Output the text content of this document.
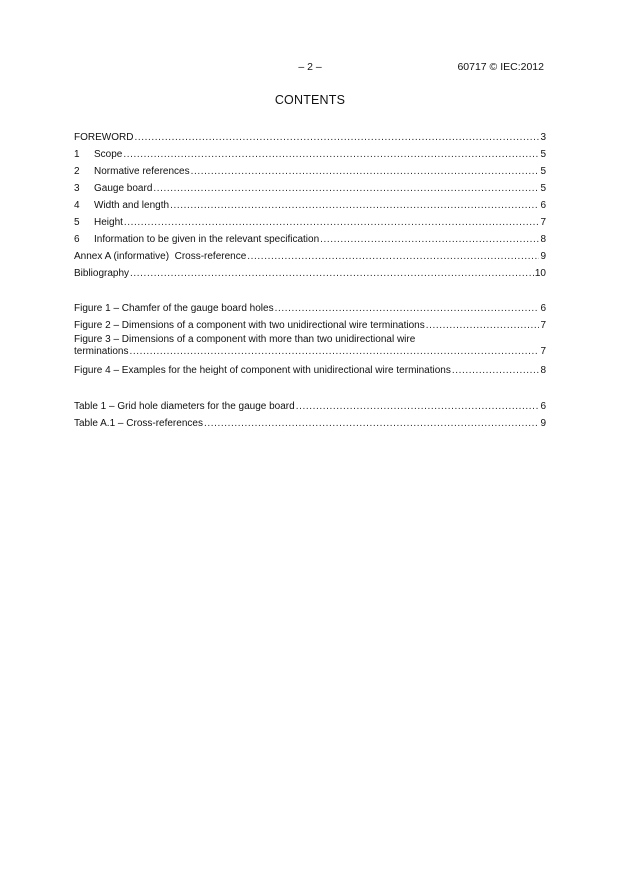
– 2 –	60717 © IEC:2012
CONTENTS
FOREWORD .....	3
1	Scope .....	5
2	Normative references .....	5
3	Gauge board .....	5
4	Width and length .....	6
5	Height .....	7
6	Information to be given in the relevant specification .....	8
Annex A (informative)  Cross-reference .....	9
Bibliography .....	10
Figure 1 – Chamfer of the gauge board holes .....	6
Figure 2 – Dimensions of a component with two unidirectional wire terminations .....	7
Figure 3 – Dimensions of a component with more than two unidirectional wire
terminations .....	7
Figure 4 – Examples for the height of component with unidirectional wire terminations .....	8
Table 1 – Grid hole diameters for the gauge board .....	6
Table A.1 – Cross-references .....	9
